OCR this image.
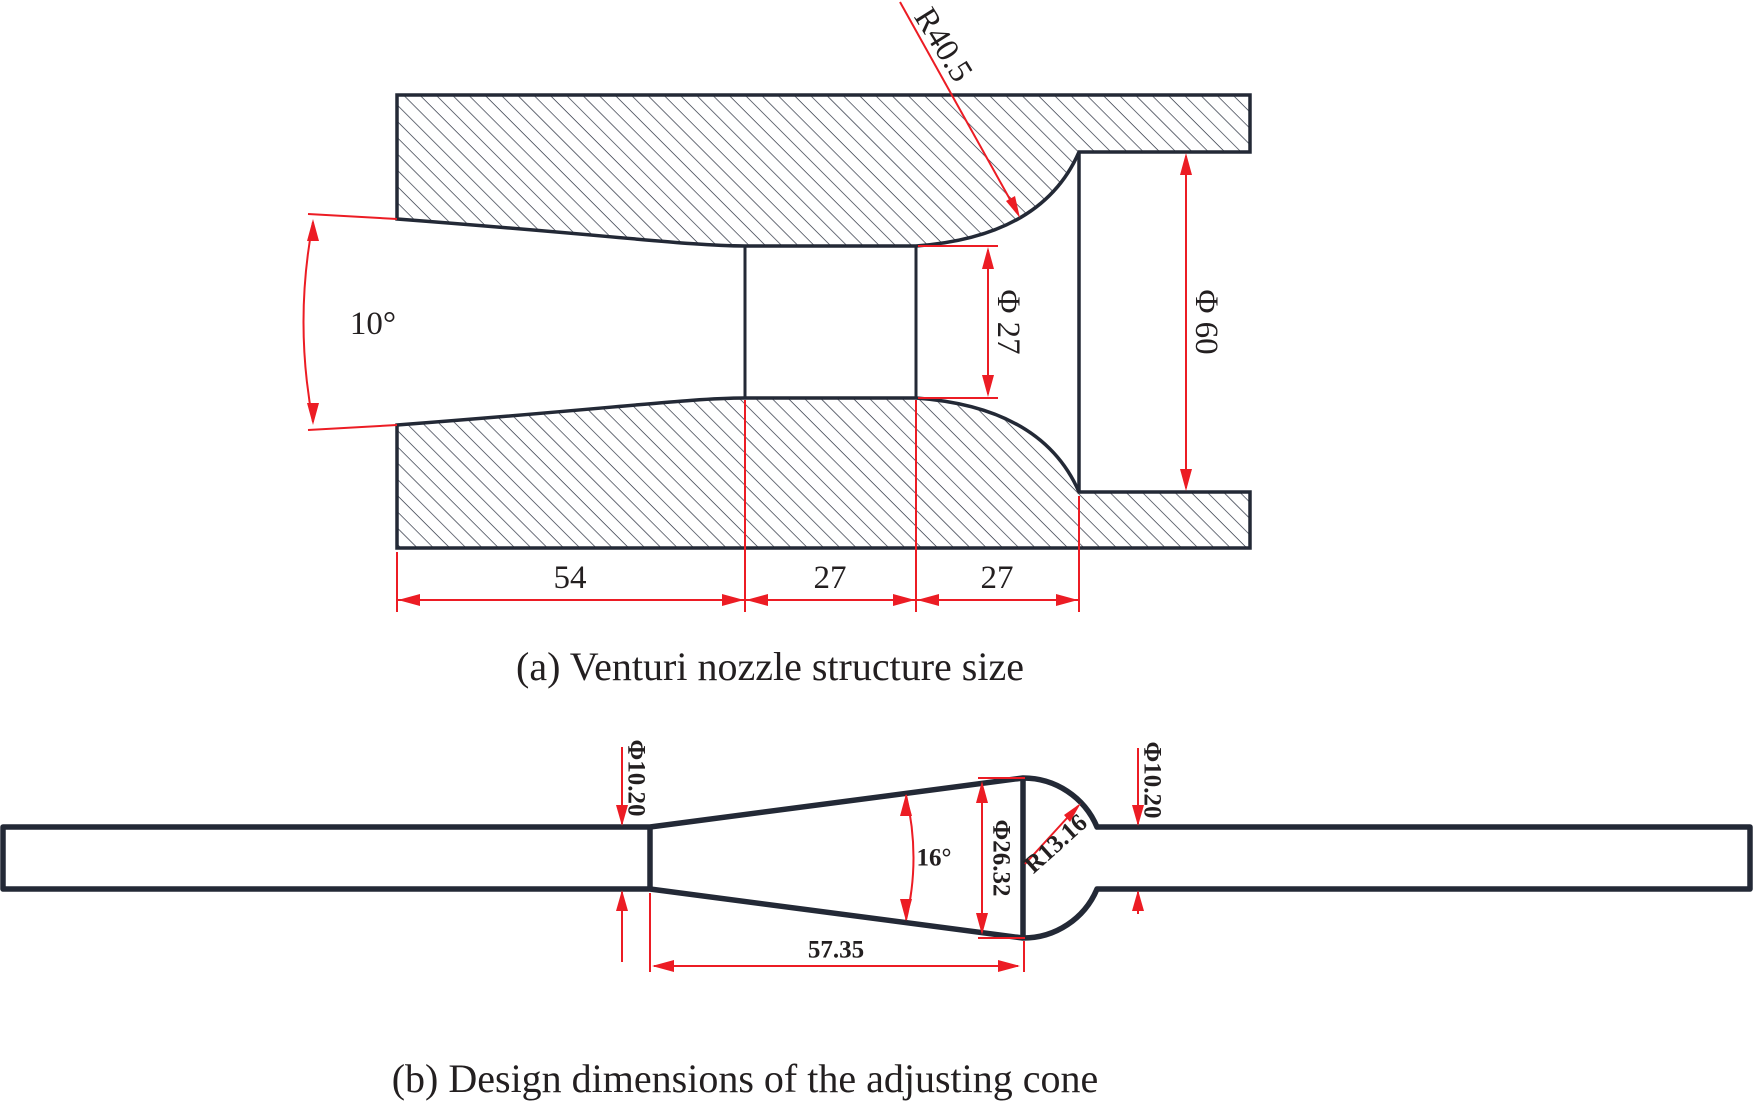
54	27	27
10°	Φ 27	Φ 60
R40.5
(a) Venturi nozzle structure size
Φ10.20
16° Φ26.32 R13.16
Φ10.20
57.35
(b) Design dimensions of the adjusting cone
